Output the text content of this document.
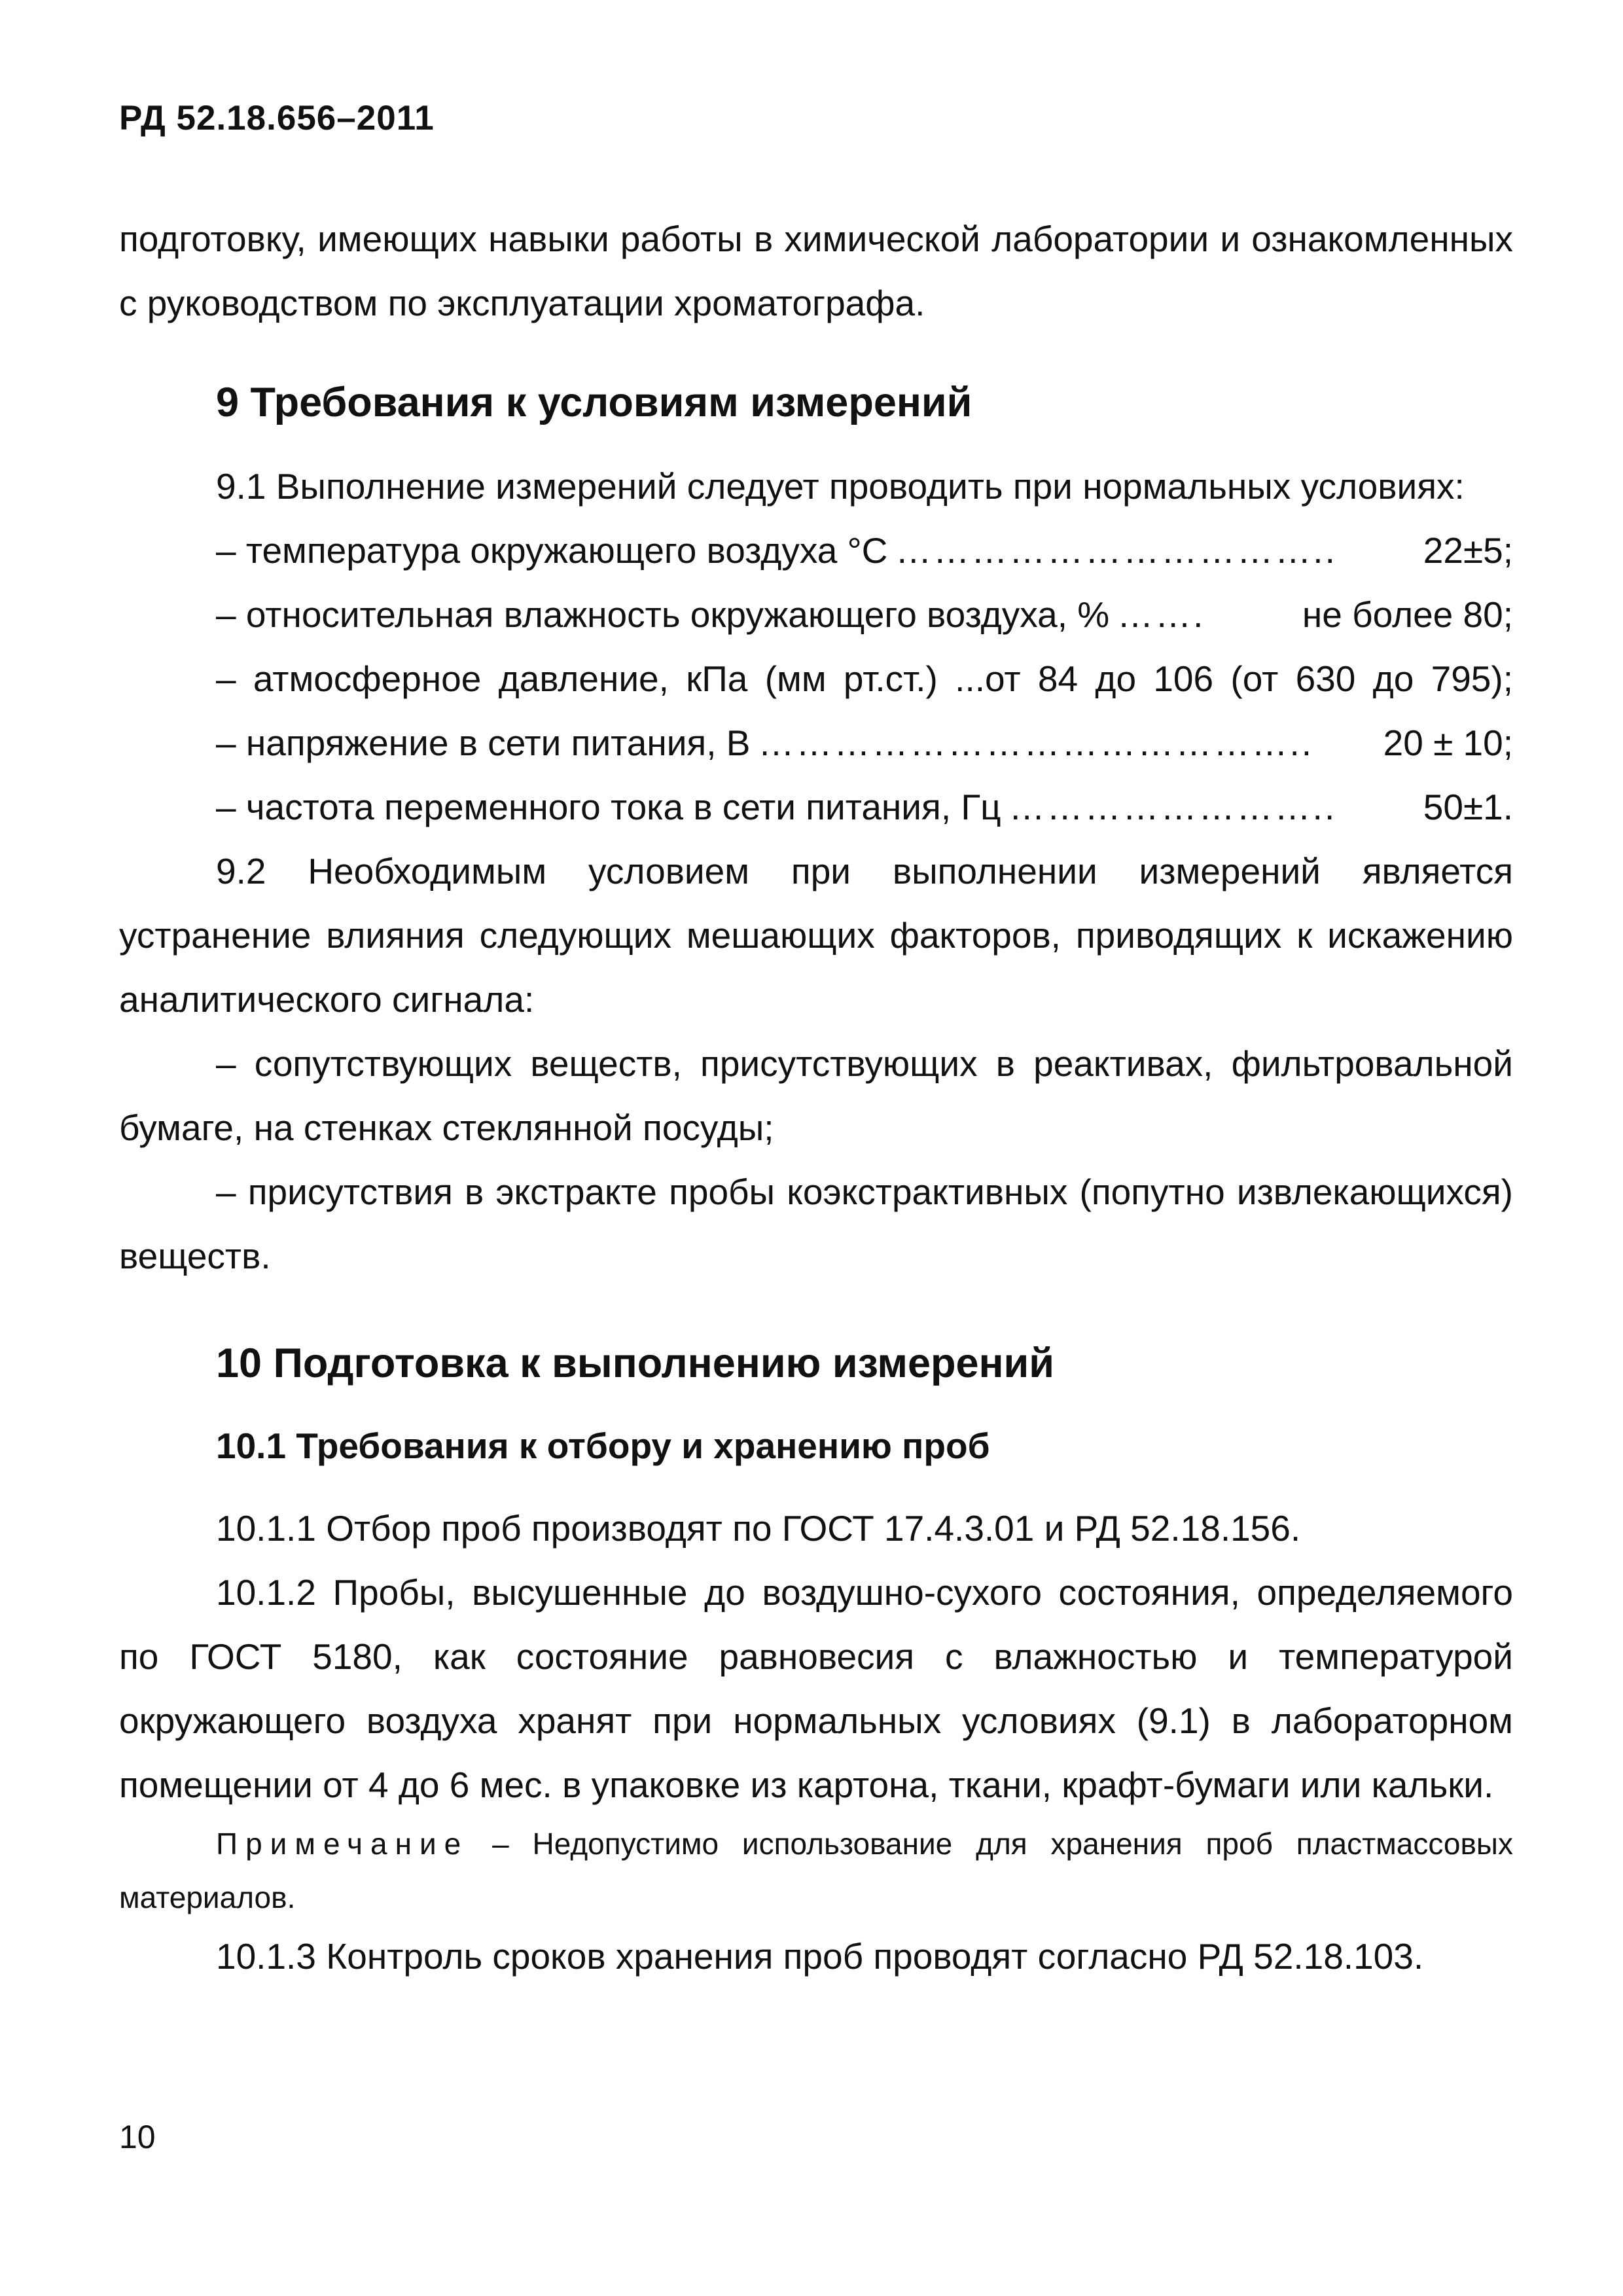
РД 52.18.656–2011

подготовку, имеющих навыки работы в химической лаборатории и ознакомленных с руководством по эксплуатации хроматографа.

9 Требования к условиям измерений

9.1 Выполнение измерений следует проводить при нормальных условиях:

– температура окружающего воздуха °С ……………………………..	22±5;
– относительная влажность окружающего воздуха, % …….	не более 80;
– атмосферное давление, кПа (мм рт.ст.) ...от 84 до 106 (от 630 до 795);
– напряжение в сети питания, В ……………………………………..	20 ± 10;
– частота переменного тока в сети питания, Гц ……………………..	50±1.

9.2 Необходимым условием при выполнении измерений является устранение влияния следующих мешающих факторов, приводящих к искажению аналитического сигнала:

– сопутствующих веществ, присутствующих в реактивах, фильтровальной бумаге, на стенках стеклянной посуды;

– присутствия в экстракте пробы коэкстрактивных (попутно извлекающихся) веществ.

10 Подготовка к выполнению измерений
10.1 Требования к отбору и хранению проб

10.1.1 Отбор проб производят по ГОСТ 17.4.3.01 и РД 52.18.156.

10.1.2 Пробы, высушенные до воздушно-сухого состояния, определяемого по ГОСТ 5180, как состояние равновесия с влажностью и температурой окружающего воздуха хранят при нормальных условиях (9.1) в лабораторном помещении от 4 до 6 мес. в упаковке из картона, ткани, крафт-бумаги или кальки.

Примечание – Недопустимо использование для хранения проб пластмассовых материалов.

10.1.3 Контроль сроков хранения проб проводят согласно РД 52.18.103.

10
